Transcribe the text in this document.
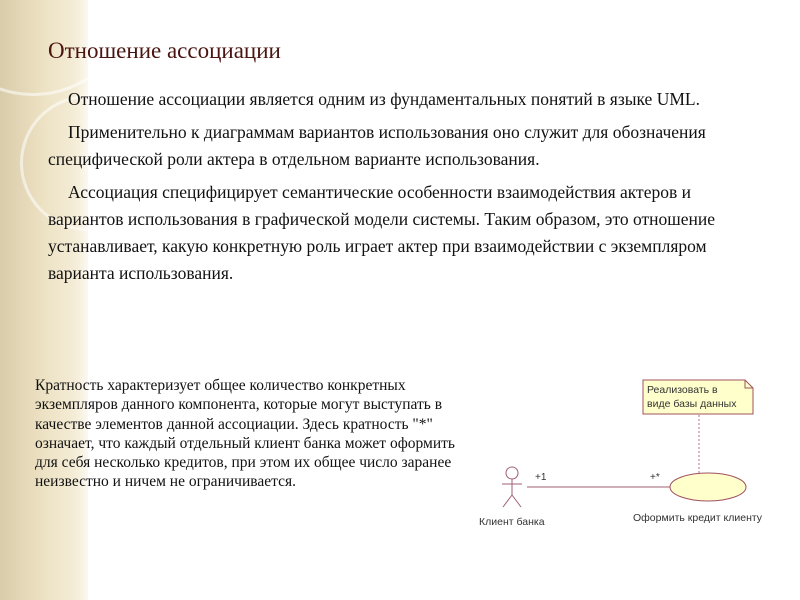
Отношение ассоциации

Отношение ассоциации является одним из фундаментальных понятий в языке UML.

Применительно к диаграммам вариантов использования оно служит для обозначения специфической роли актера в отдельном варианте использования.

Ассоциация специфицирует семантические особенности взаимодействия актеров и вариантов использования в графической модели системы. Таким образом, это отношение устанавливает, какую конкретную роль играет актер при взаимодействии с экземпляром варианта использования.

Кратность характеризует общее количество конкретных экземпляров данного компонента, которые могут выступать в качестве элементов данной ассоциации. Здесь кратность "*" означает, что каждый отдельный клиент банка может оформить для себя несколько кредитов, при этом их общее число заранее неизвестно и ничем не ограничивается.
Реализовать в
виде базы данных
+1	+*
Клиент банка	Оформить кредит клиенту
